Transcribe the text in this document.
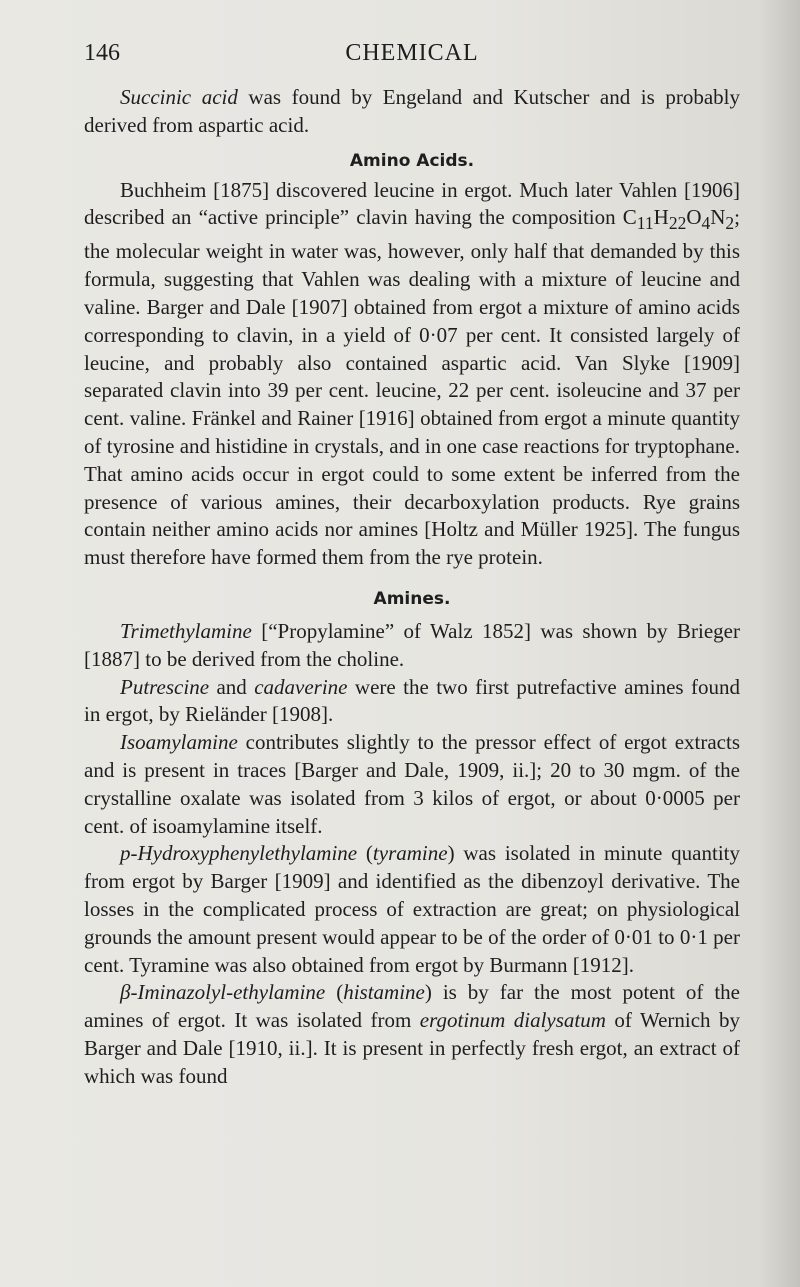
146	CHEMICAL

Succinic acid was found by Engeland and Kutscher and is probably derived from aspartic acid.

Amino Acids.

Buchheim [1875] discovered leucine in ergot. Much later Vahlen [1906] described an “active principle” clavin having the composition $C_{11}H_{22}O_4N_2$; the molecular weight in water was, however, only half that demanded by this formula, suggesting that Vahlen was dealing with a mixture of leucine and valine. Barger and Dale [1907] obtained from ergot a mixture of amino acids corresponding to clavin, in a yield of 0·07 per cent. It consisted largely of leucine, and probably also contained aspartic acid. Van Slyke [1909] separated clavin into 39 per cent. leucine, 22 per cent. isoleucine and 37 per cent. valine. Fränkel and Rainer [1916] obtained from ergot a minute quantity of tyrosine and histidine in crystals, and in one case reactions for tryptophane. That amino acids occur in ergot could to some extent be inferred from the presence of various amines, their decarboxylation products. Rye grains contain neither amino acids nor amines [Holtz and Müller 1925]. The fungus must therefore have formed them from the rye protein.

Amines.

Trimethylamine [“Propylamine” of Walz 1852] was shown by Brieger [1887] to be derived from the choline.

Putrescine and cadaverine were the two first putrefactive amines found in ergot, by Rieländer [1908].

Isoamylamine contributes slightly to the pressor effect of ergot extracts and is present in traces [Barger and Dale, 1909, ii.]; 20 to 30 mgm. of the crystalline oxalate was isolated from 3 kilos of ergot, or about 0·0005 per cent. of isoamylamine itself.

p-Hydroxyphenylethylamine (tyramine) was isolated in minute quantity from ergot by Barger [1909] and identified as the dibenzoyl derivative. The losses in the complicated process of extraction are great; on physiological grounds the amount present would appear to be of the order of 0·01 to 0·1 per cent. Tyramine was also obtained from ergot by Burmann [1912].

β-Iminazolyl-ethylamine (histamine) is by far the most potent of the amines of ergot. It was isolated from ergotinum dialysatum of Wernich by Barger and Dale [1910, ii.]. It is present in perfectly fresh ergot, an extract of which was found
